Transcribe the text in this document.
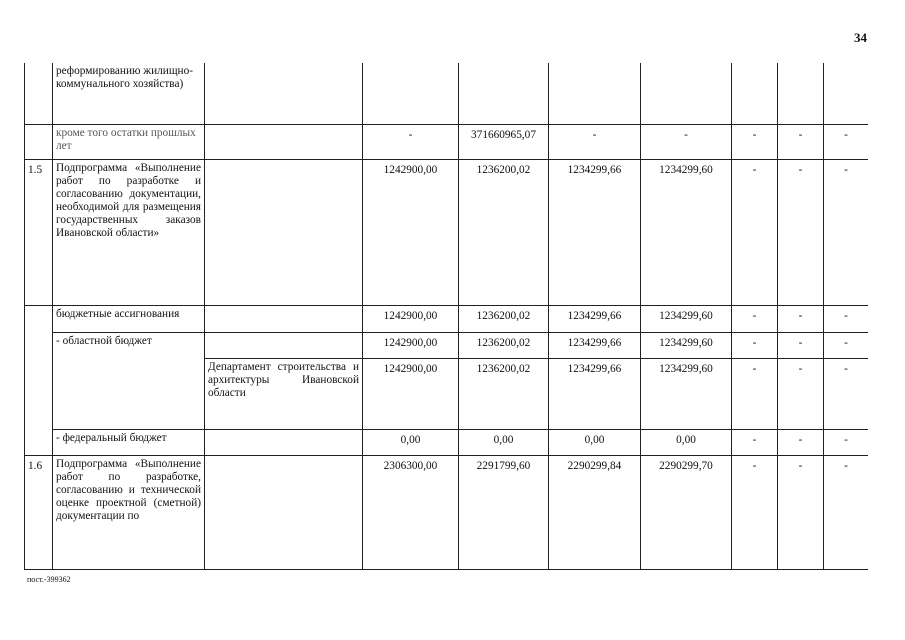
34
	реформированию жилищно-коммунального хозяйства)								
	кроме того остатки прошлых лет		-	371660965,07	-	-	-	-	-
1.5	Подпрограмма «Выполнение работ по разработке и согласованию документации, необходимой для размещения государственных заказов Ивановской области»		1242900,00	1236200,02	1234299,66	1234299,60	-	-	-
	бюджетные ассигнования		1242900,00	1236200,02	1234299,66	1234299,60	-	-	-
	- областной бюджет		1242900,00	1236200,02	1234299,66	1234299,60	-	-	-
		Департамент строительства и архитектуры Ивановской области	1242900,00	1236200,02	1234299,66	1234299,60	-	-	-
	- федеральный бюджет		0,00	0,00	0,00	0,00	-	-	-
1.6	Подпрограмма «Выполнение работ по разработке, согласованию и технической оценке проектной (сметной) документации по		2306300,00	2291799,60	2290299,84	2290299,70	-	-	-
пост.-399362
